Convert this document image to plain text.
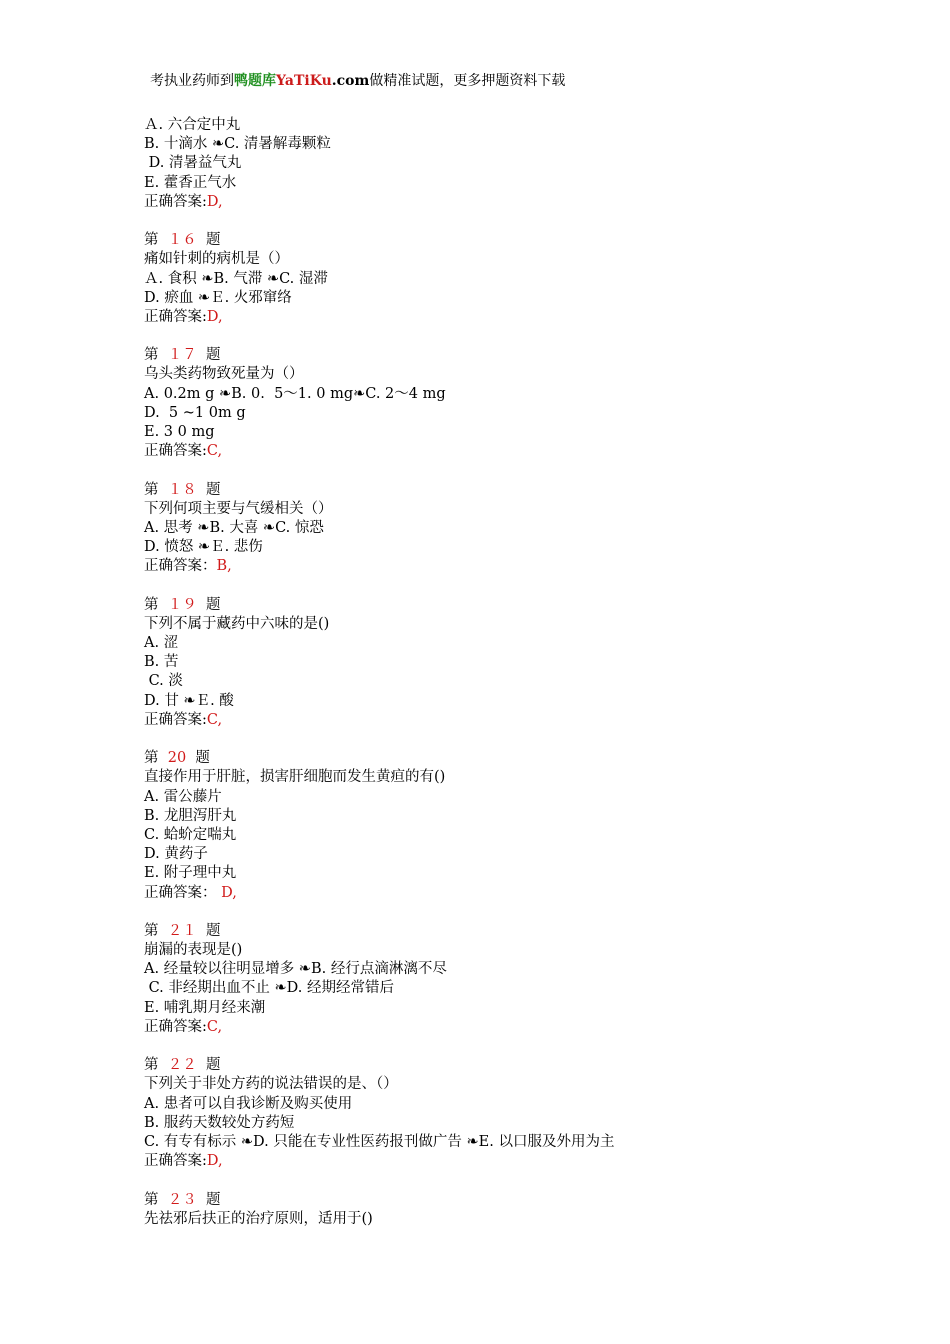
考执业药师到鸭题库YaTiKu.com做精准试题，更多押题资料下载
Ａ. 六合定中丸
B. 十滴水 ❧C. 清暑解毒颗粒
D. 清暑益气丸
E. 藿香正气水
正确答案:D,
第 １６ 题
痛如针刺的病机是（）
Ａ. 食积 ❧B. 气滞 ❧C. 湿滞
D. 瘀血 ❧Ｅ. 火邪窜络
正确答案:D,
第 １７ 题
乌头类药物致死量为（）
A. 0.2m g ❧B. 0.  5～1. 0 mg❧C. 2～4 mg
D.  5 ~1 0m g
E. 3 0 mg
正确答案:C,
第 １８ 题
下列何项主要与气缓相关（）
A. 思考 ❧B. 大喜 ❧C. 惊恐
D. 愤怒 ❧Ｅ. 悲伤
正确答案：B,
第 １９ 题
下列不属于藏药中六味的是()
A. 涩
B. 苦
C. 淡
D. 甘 ❧Ｅ. 酸
正确答案:C,
第 20 题
直接作用于肝脏，损害肝细胞而发生黄疸的有()
A. 雷公藤片
B. 龙胆泻肝丸
C. 蛤蚧定喘丸
D. 黄药子
E. 附子理中丸
正确答案： D,
第 ２１ 题
崩漏的表现是()
A. 经量较以往明显增多 ❧B. 经行点滴淋漓不尽
C. 非经期出血不止 ❧D. 经期经常错后
E. 哺乳期月经来潮
正确答案:C,
第 ２２ 题
下列关于非处方药的说法错误的是、（）
A. 患者可以自我诊断及购买使用
B. 服药天数较处方药短
C. 有专有标示 ❧D. 只能在专业性医药报刊做广告 ❧E. 以口服及外用为主
正确答案:D,
第 ２３ 题
先祛邪后扶正的治疗原则，适用于()
